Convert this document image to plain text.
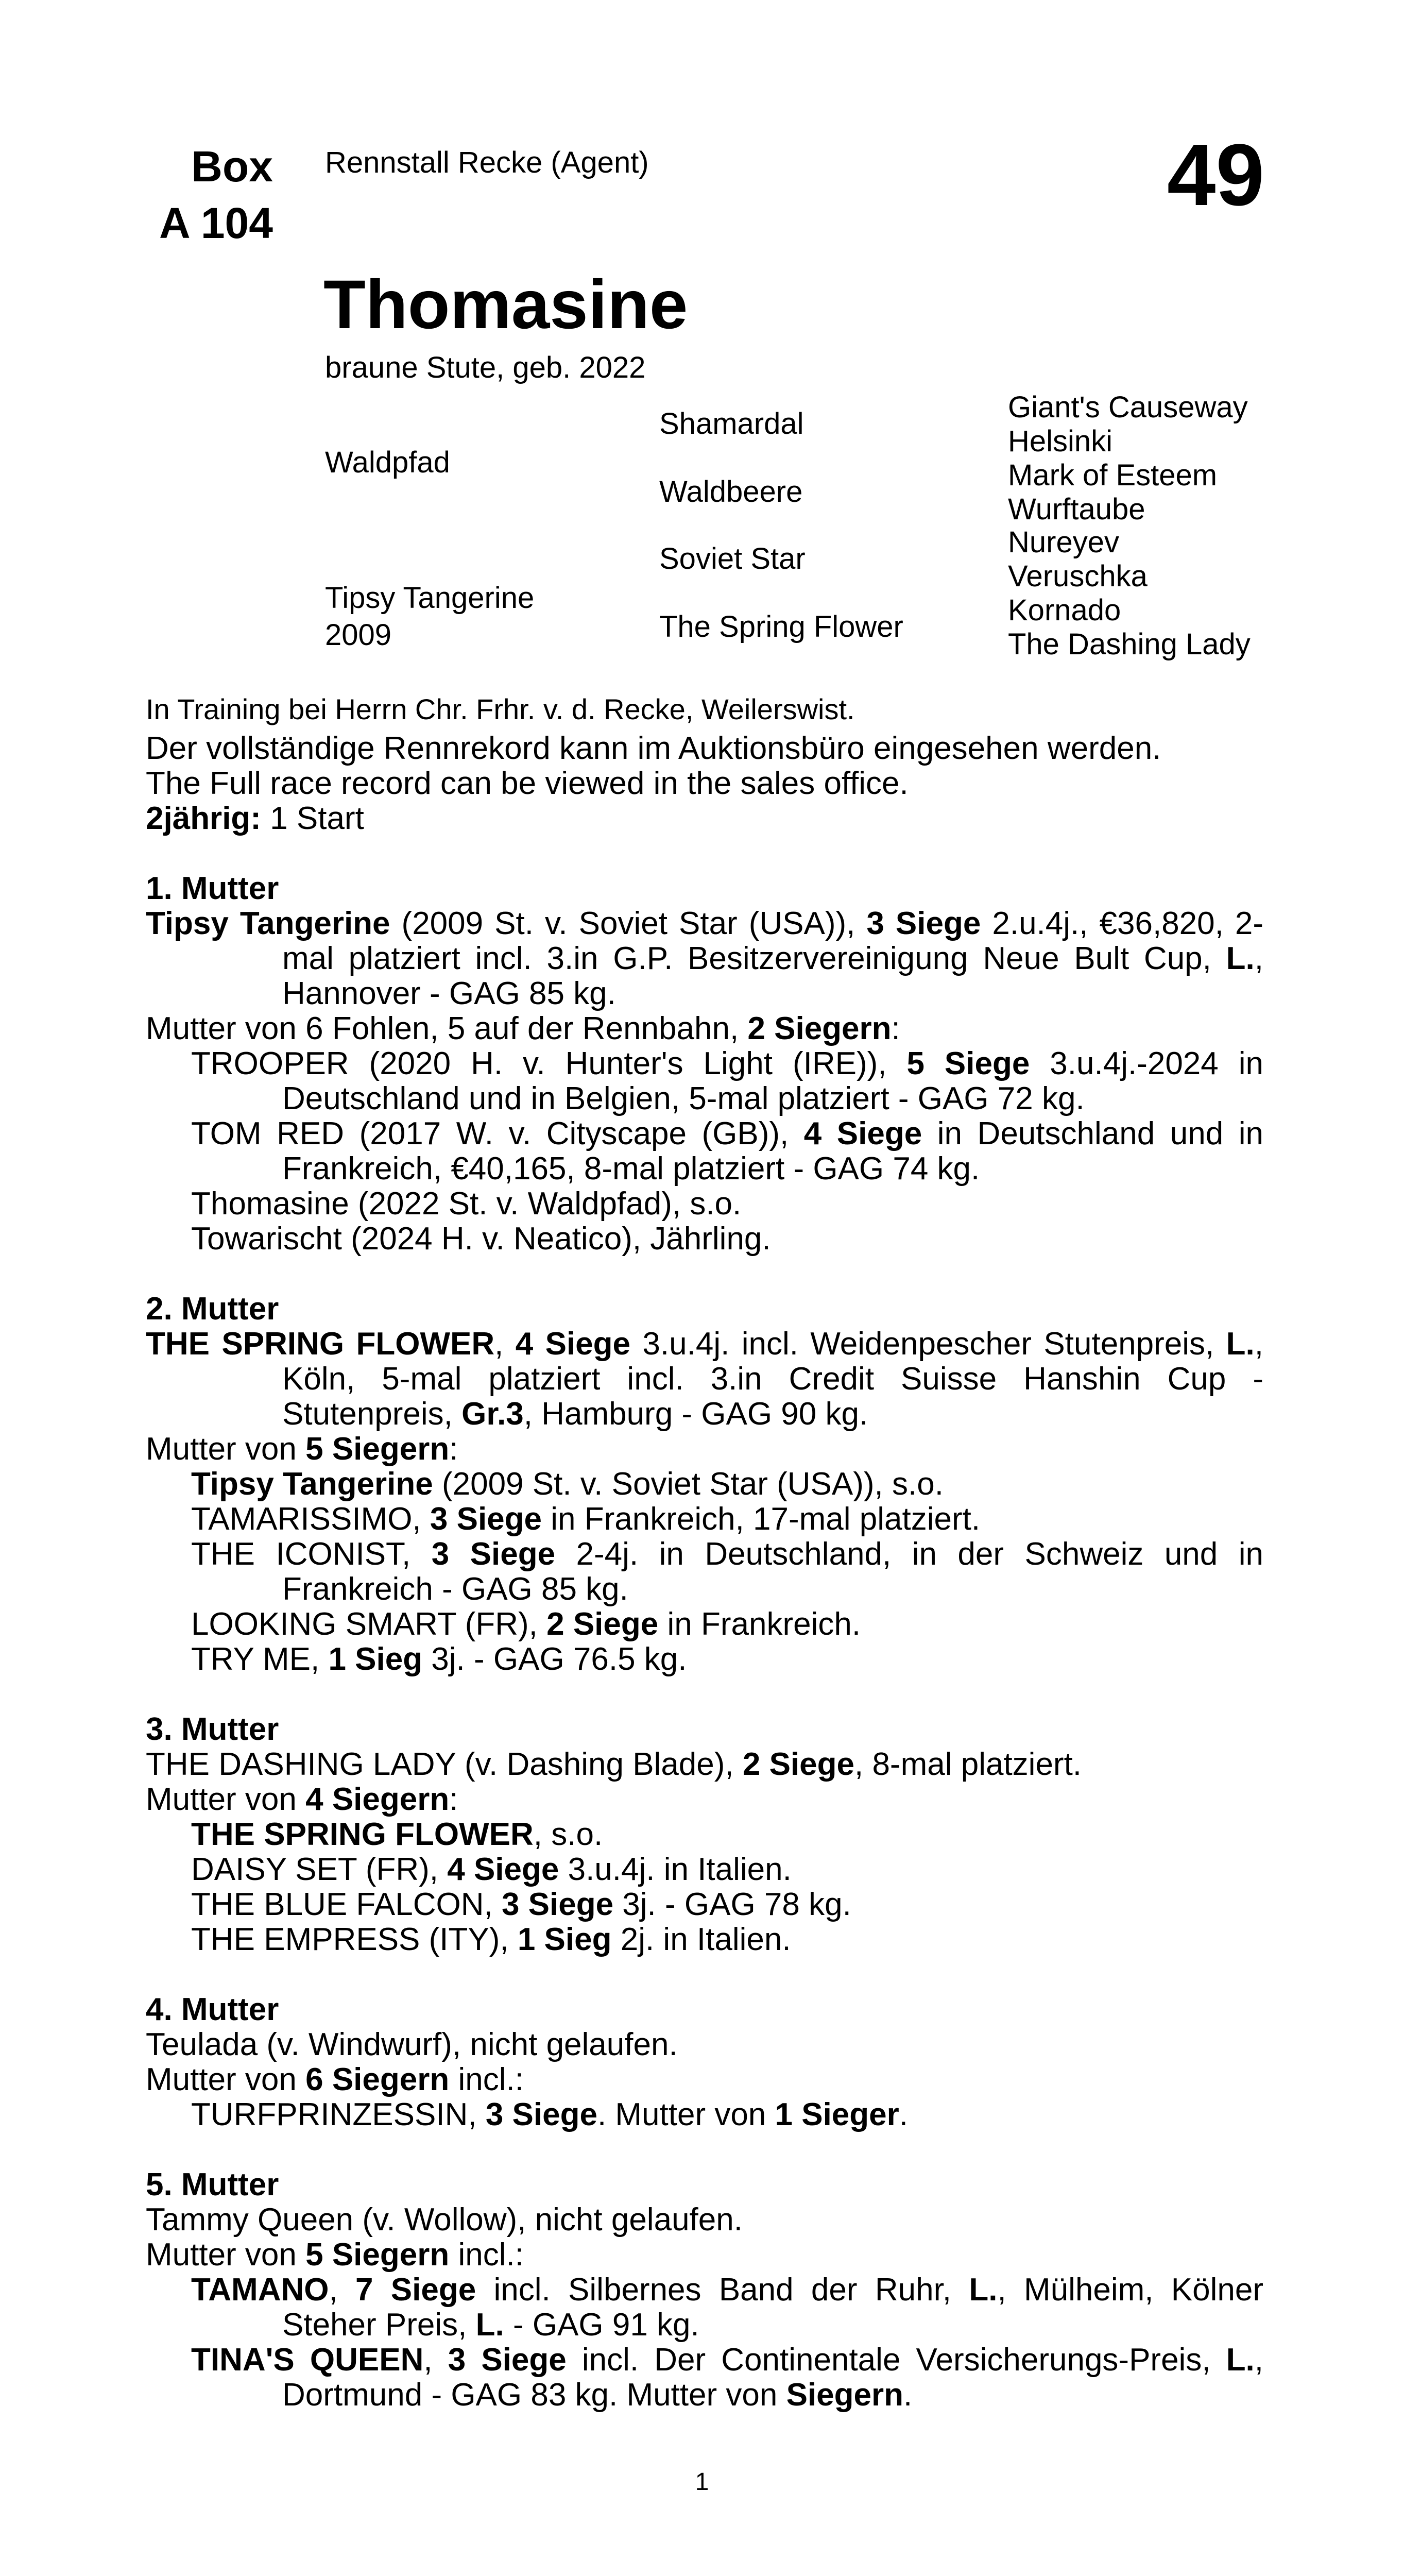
Box
A 104
Rennstall Recke (Agent)	49
Thomasine
braune Stute, geb. 2022
Waldpfad
Shamardal
Waldbeere
Giant's Causeway
Helsinki
Mark of Esteem
Wurftaube
Tipsy Tangerine
2009
Soviet Star
The Spring Flower
Nureyev
Veruschka
Kornado
The Dashing Lady

In Training bei Herrn Chr. Frhr. v. d. Recke, Weilerswist.

Der vollständige Rennrekord kann im Auktionsbüro eingesehen werden.

The Full race record can be viewed in the sales office.

2jährig: 1 Start

1. Mutter

Tipsy Tangerine (2009 St. v. Soviet Star (USA)), 3 Siege 2.u.4j., €36,820, 2-mal platziert incl. 3.in G.P. Besitzervereinigung Neue Bult Cup, L., Hannover - GAG 85 kg.

Mutter von 6 Fohlen, 5 auf der Rennbahn, 2 Siegern:

TROOPER (2020 H. v. Hunter's Light (IRE)), 5 Siege 3.u.4j.-2024 in Deutschland und in Belgien, 5-mal platziert - GAG 72 kg.

TOM RED (2017 W. v. Cityscape (GB)), 4 Siege in Deutschland und in Frankreich, €40,165, 8-mal platziert - GAG 74 kg.

Thomasine (2022 St. v. Waldpfad), s.o.

Towarischt (2024 H. v. Neatico), Jährling.

2. Mutter

THE SPRING FLOWER, 4 Siege 3.u.4j. incl. Weidenpescher Stutenpreis, L., Köln, 5-mal platziert incl. 3.in Credit Suisse Hanshin Cup - Stutenpreis, Gr.3, Hamburg - GAG 90 kg.

Mutter von 5 Siegern:

Tipsy Tangerine (2009 St. v. Soviet Star (USA)), s.o.

TAMARISSIMO, 3 Siege in Frankreich, 17-mal platziert.

THE ICONIST, 3 Siege 2-4j. in Deutschland, in der Schweiz und in Frankreich - GAG 85 kg.

LOOKING SMART (FR), 2 Siege in Frankreich.

TRY ME, 1 Sieg 3j. - GAG 76.5 kg.

3. Mutter

THE DASHING LADY (v. Dashing Blade), 2 Siege, 8-mal platziert.

Mutter von 4 Siegern:

THE SPRING FLOWER, s.o.

DAISY SET (FR), 4 Siege 3.u.4j. in Italien.

THE BLUE FALCON, 3 Siege 3j. - GAG 78 kg.

THE EMPRESS (ITY), 1 Sieg 2j. in Italien.

4. Mutter

Teulada (v. Windwurf), nicht gelaufen.

Mutter von 6 Siegern incl.:

TURFPRINZESSIN, 3 Siege. Mutter von 1 Sieger.

5. Mutter

Tammy Queen (v. Wollow), nicht gelaufen.

Mutter von 5 Siegern incl.:

TAMANO, 7 Siege incl. Silbernes Band der Ruhr, L., Mülheim, Kölner Steher Preis, L. - GAG 91 kg.

TINA'S QUEEN, 3 Siege incl. Der Continentale Versicherungs-Preis, L., Dortmund - GAG 83 kg. Mutter von Siegern.

1
